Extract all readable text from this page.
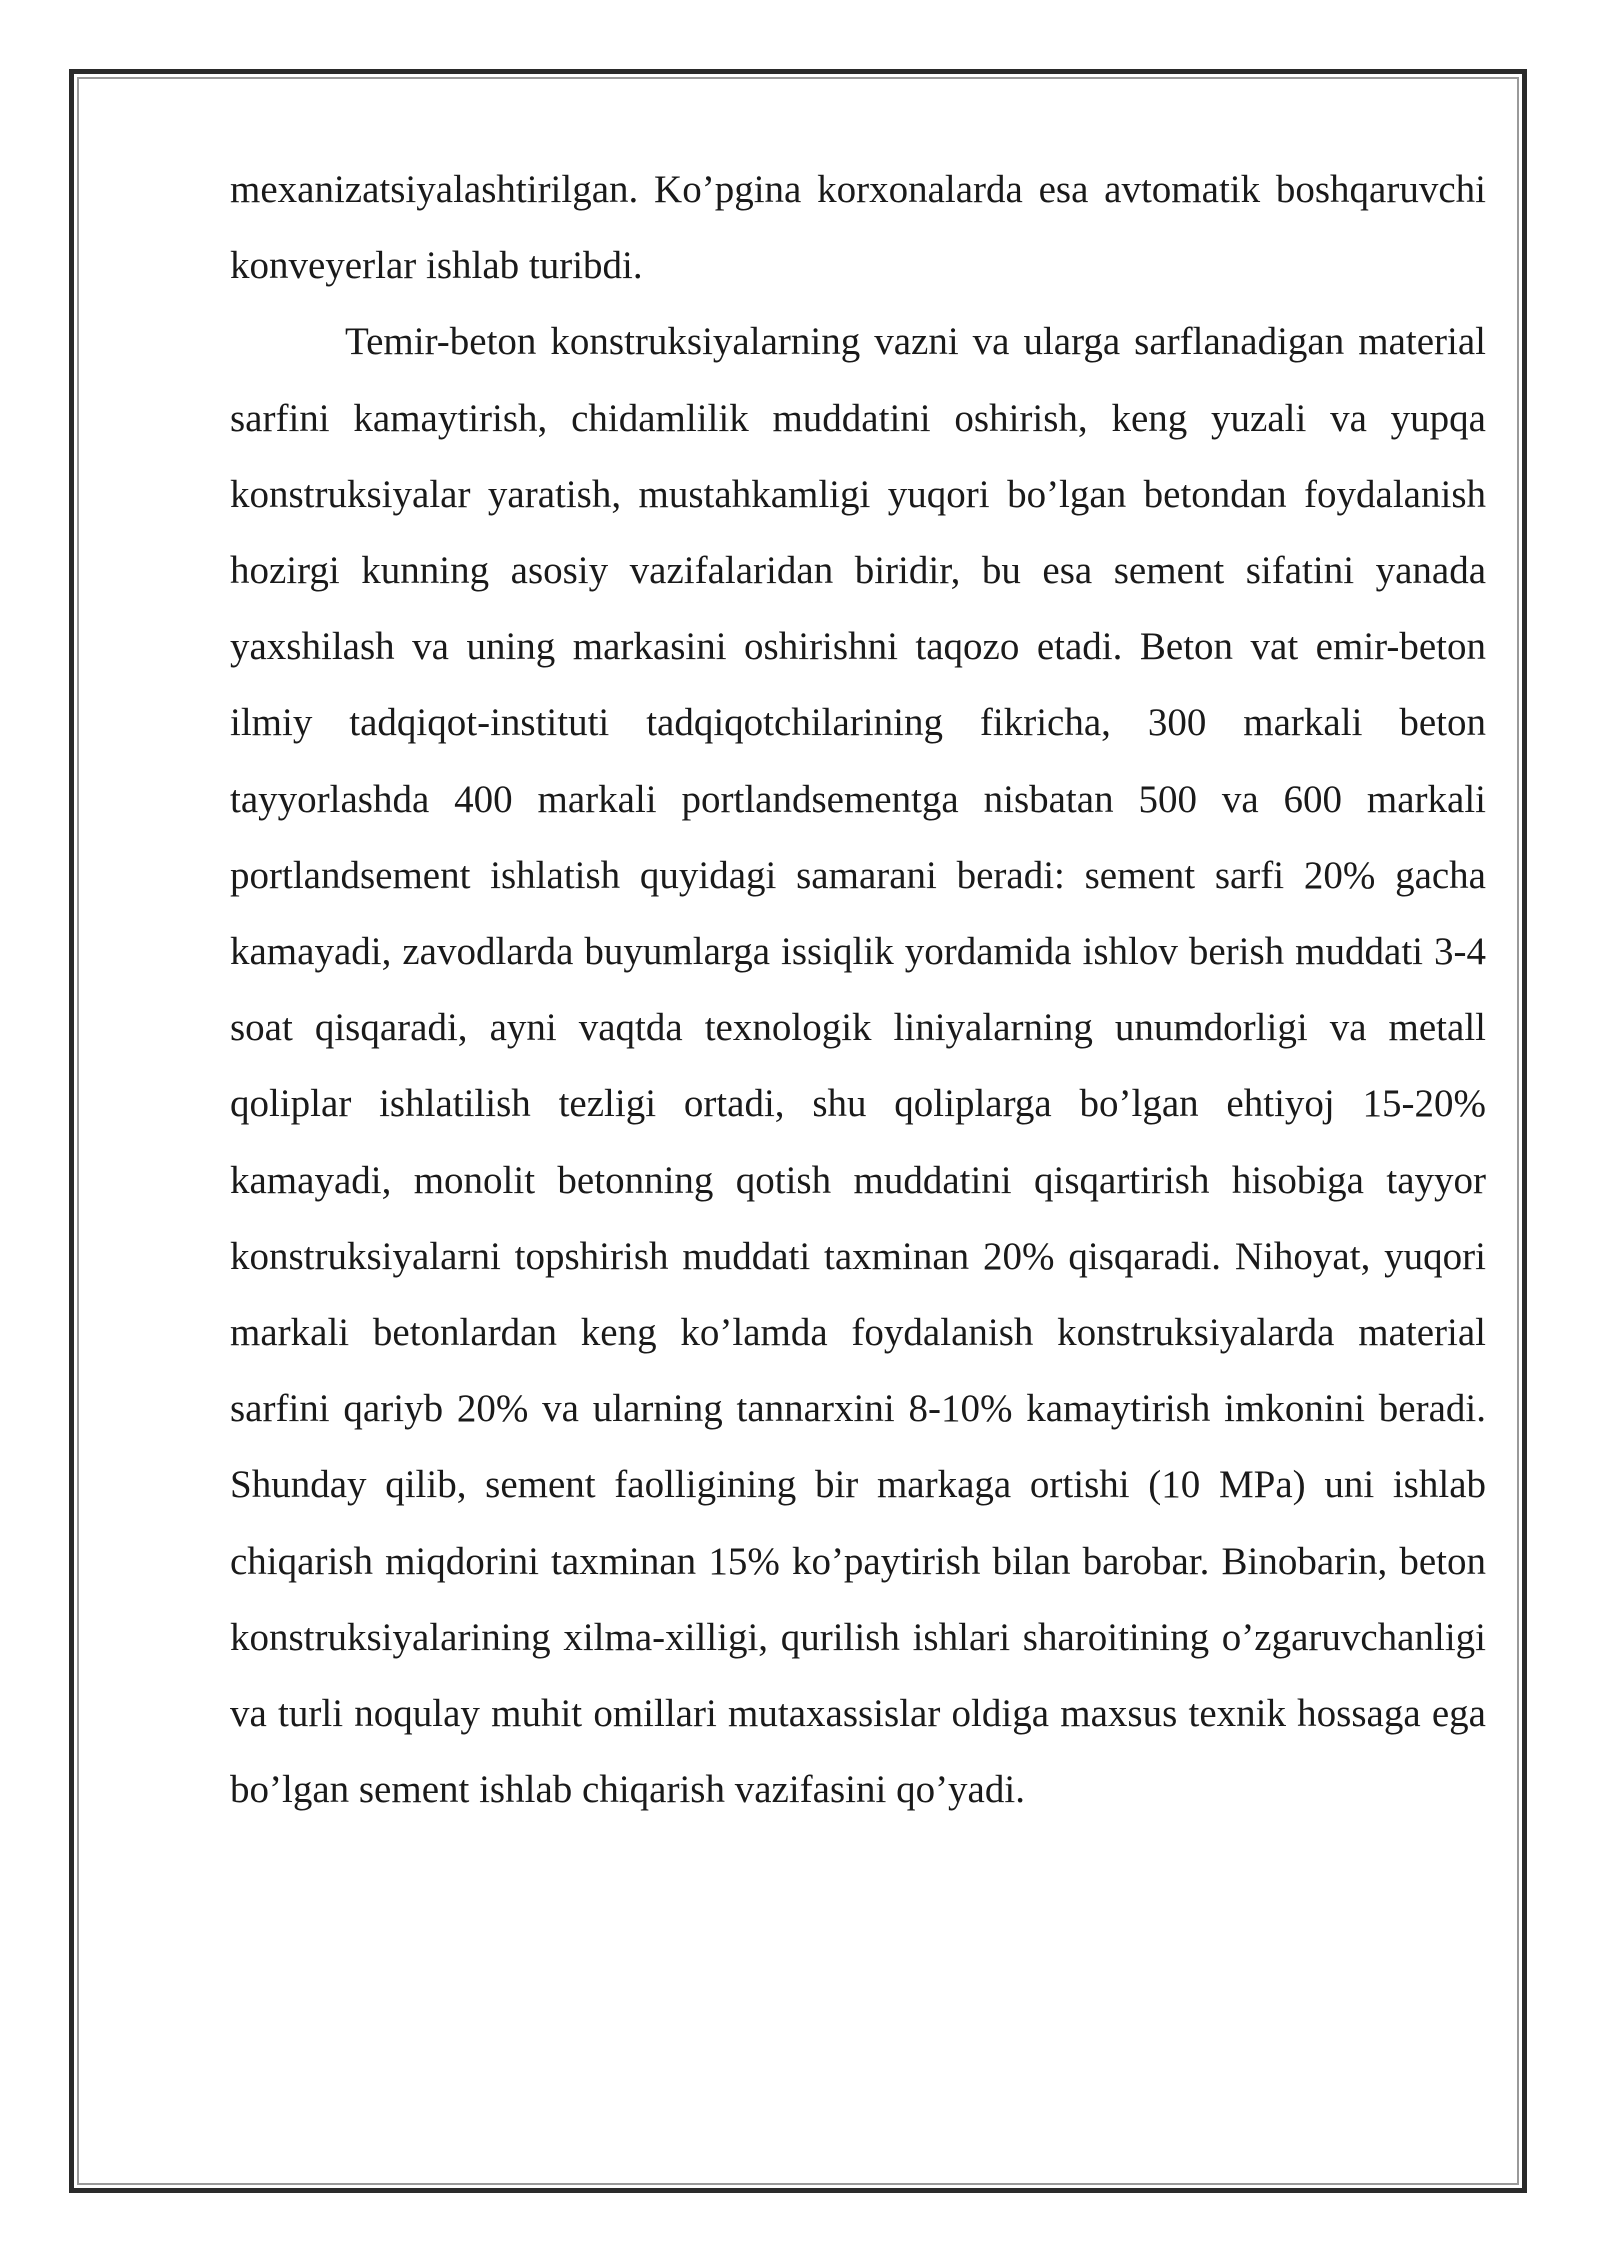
mexanizatsiyalashtirilgan. Ko’pgina korxonalarda esa avtomatik boshqaruvchi konveyerlar ishlab turibdi.

Temir-beton konstruksiyalarning vazni va ularga sarflanadigan material sarfini kamaytirish, chidamlilik muddatini oshirish, keng yuzali va yupqa konstruksiyalar yaratish, mustahkamligi yuqori bo’lgan betondan foydalanish hozirgi kunning asosiy vazifalaridan biridir, bu esa sement sifatini yanada yaxshilash va uning markasini oshirishni taqozo etadi. Beton vat emir-beton ilmiy tadqiqot-instituti tadqiqotchilarining fikricha, 300 markali beton tayyorlashda 400 markali portlandsementga nisbatan 500 va 600 markali portlandsement ishlatish quyidagi samarani beradi: sement sarfi 20% gacha kamayadi, zavodlarda buyumlarga issiqlik yordamida ishlov berish muddati 3-4 soat qisqaradi, ayni vaqtda texnologik liniyalarning unumdorligi va metall qoliplar ishlatilish tezligi ortadi, shu qoliplarga bo’lgan ehtiyoj 15-20% kamayadi, monolit betonning qotish muddatini qisqartirish hisobiga tayyor konstruksiyalarni topshirish muddati taxminan 20% qisqaradi. Nihoyat, yuqori markali betonlardan keng ko’lamda foydalanish konstruksiyalarda material sarfini qariyb 20% va ularning tannarxini 8-10% kamaytirish imkonini beradi. Shunday qilib, sement faolligining bir markaga ortishi (10 MPa) uni ishlab chiqarish miqdorini taxminan 15% ko’paytirish bilan barobar. Binobarin, beton konstruksiyalarining xilma-xilligi, qurilish ishlari sharoitining o’zgaruvchanligi va turli noqulay muhit omillari mutaxassislar oldiga maxsus texnik hossaga ega bo’lgan sement ishlab chiqarish vazifasini qo’yadi.
